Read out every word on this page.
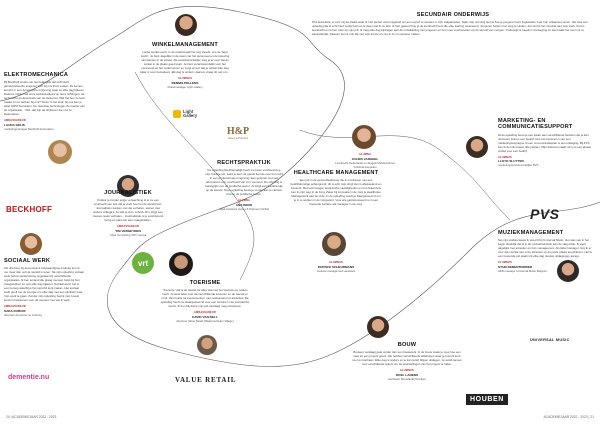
WINKELMANAGEMENT
Lanke werkte eerst, in de retail bepalt het nog steeds: ons de 'hard touch'. Je bent dagelijks in de weer met het personeel en de beleving van klanten in de winkel. Als verantwoordelijke zorg je er voor dat de winkel in de plaats goed loopt. Je bent verantwoordelijk voor het personeel en het ondernemen en zorgt ervoor dat je winkel elke dag klaar is voor bezoekers. Elk dag is anders; daarom vraag dit ook om...
ALUMNUS
DENNIS PELLENS
winkelmanager Light Gallery
Light Gallery
ELEKTROMECHANICA
Bij Beckhoff vinden we het belangrijk dat technisch geïnteresseerde jongeren zich bij ons thuis voelen. Ze komen terecht in een dynamische omgeving waar ze elke dag bijleren. Daarom richten we onze ambassadeurs op deze richtingen: de technische professionals van de toekomst. Wat het hen zo leuk maakt om te werken bij ons? 'Deze' is het leuk: bij ons ben je altijd 100% betrokken. De nieuwste technologie, de reactor van de organisatie... Wel, dat zijn de drijfveren die ons zo klaarmaken.
AMBASSADEUR
LAURA GELIS
marketingmanager Beckhoff Automation
BECKHOFF
JOURNALISTIEK
Ontdek je zonder enige verwachting is er nu een voorbeeld van iets dat je vindt hoe het de wereld kan. Journalisten werken met die verhalen, samen met andere collega's. Je laat je zien, schrijft, film, krijgt een nieuwe reeks verhalen... Journalistiek is je voortdurend bezig en pakt ook aan vraagstukken.
AMBASSADEUR
TIM VERHEYDEN
Chief storytelling VRT nieuws
vrt
H&P
Hosey & Partners
RECHTSPRAKTIJK
De opleiding Rechtspraktijk heeft me beter voorbereid op mijn huidige job, want je leert de goede kennis over het recht in een professionele omgeving. Een gesprek met een advocaat is een voorbeeld van zo'n moment. De scholing is belangrijk voor de juridische sector. Je krijgt een bredere kijk op de wereld. Na je opleiding bouw je verder aan je carrière binnen de juridische sector.
ALUMNA
ANA BENO
legal assistant Hosey & Partners Global
SOCIAAL WERK
Als directeur bij dementiums hulpvaardiging Limburg kon ik me meer dan ooit de wereld in leren. Na mijn opleiding sociaal werk heb ik werkervaring opgedaan bij verschillende organisaties. Ik ben iemand die graag mensen helpt bij hun vraagstukken en ook elke dag bijleren. Sociaal werk: het is een beroep waarbij je het verschil kunt maken. Het sociaal werk geeft me de energie om elke dag met een glimlach naar mijn werk te gaan. Zonder mijn opleiding had ik niet zoveel kunnen betekenen voor de mensen met wie ik werk.
AMBASSADEUR
SARA DUBOIS
directeur dementie.nu Limburg
dementie.nu
TOERISME
'Toerisme' dat is de sleutel tot alles wat met het toerisme te maken heeft. Je weet alles over de verschillende sectoren en de wereld er rond. Van hotels tot evenementen, van reisbureaus tot attracties. De opleiding heeft me klaargestoomd voor een carrière in de toeristische sector. Ik ben blij dat ik mijn job vandaag mag uitoefenen.
AMBASSADEUR
DAVID VAN BELL
directeur Value Retail (Maasmechelen Village)
VALUE RETAIL
SECUNDAIR ONDERWIJS
PXL Education is voor mij de plaats waar ik met plezier werd opgeleid om een expert te worden in mijn vakgebieden. Naar mijn vorming leer je hoe je jongeren kunt begeleiden naar hun volwassen leven. Het was een opleiding die ik echt hard nodig had om te doen wat ik nu doe. Ik heb geleerd hoe je de leerkracht bent die elke leerling meeneemt. Jongeren helpen hun weg te vinden, dat vind ik het mooiste aan mijn werk. Ik ben leerkracht en ik ben trots op mijn job. Ik mag elke dag bijdragen aan de ontwikkeling van jongeren en hen mee voorbereiden op de wereld van morgen. Onderwijs is steeds in beweging en dat maakt het voor mij zo aantrekkelijk. Daarom ben ik ook blij met mijn keuze en zou ik ze zo opnieuw maken.
ALUMNA
JOLIEN VANGEEL
Leerkracht Nederlands en Engels Middenschool Vinkbrisk Heusden
MARKETING- EN COMMUNICATIESUPPORT
Deze opleiding bood je een kader aan verschillende facetten die je kan uitvoeren binnen een bedrijf. Het communiceren van een marketingcampagne of een communicatieplan is een uitdaging. Bij PVS ben ik de link tussen alle partijen. Mijn diploma maakt van jou een ideaal profiel voor een bedrijf.
ALUMNUS
LLOYD SLUYTER
marketingverantwoordelijke PVS
PVS
HEALTHCARE MANAGEMENT
Een job in de gezondheidszorg die ik combineer met een bedrijfskundige achtergrond: dit is echt mijn ding! Het is afwisselend en boeiend. Met technologie, analytische vaardigheden en het ziekenhuis ken ik mijn weg in de zorg. Zeker bij innovatie in de zorg is Healthcare Management aan de orde. In de opleiding wordt je klaargestoomd om je in te werken in de zorgsector. Voor wie geïnteresseerd is in een boeiende carrière als manager in de zorg.
ALUMNUS
PATRICK SCHEURMANS
medical management assistant
MUZIEKMANAGEMENT
Na mijn studies kwam ik terecht bij Universal Music. Het was van in het begin duidelijk dat ik in de muziekindustrie aan de slag wilde. Ik werk dagelijks met artiesten en hun management. Als label manager zorg ik er voor dat muziek van onze artiesten op de juiste plaats terechtkomt. Het is een boeiende job waarin ik elke dag nieuwe uitdagingen aanga.
ALUMNUS
STIJN DEBENTRIDDER
A&R manager Universal Music Belgium
UNIVERSAL MUSIC
BOUW
Bouwen vandaag gaat verder dan een bouwwerk. In de bouw maak je mee hoe een idee tot een project groeit. We hebben verschillende afdelingen waar je terecht kunt voor je loopbaan. Elke dag is anders en je kan jezelf blijven uitdagen. Je werkt samen met verschillende teams om de doelstellingen van het project te halen.
ALUMNUS
ROEL LANENS
werfleider Bouwbedrijf Houben
HOUBEN
20 | ACADEMIEJAAR 2022 - 2023	ACADEMIEJAAR 2022 - 2023 | 21
